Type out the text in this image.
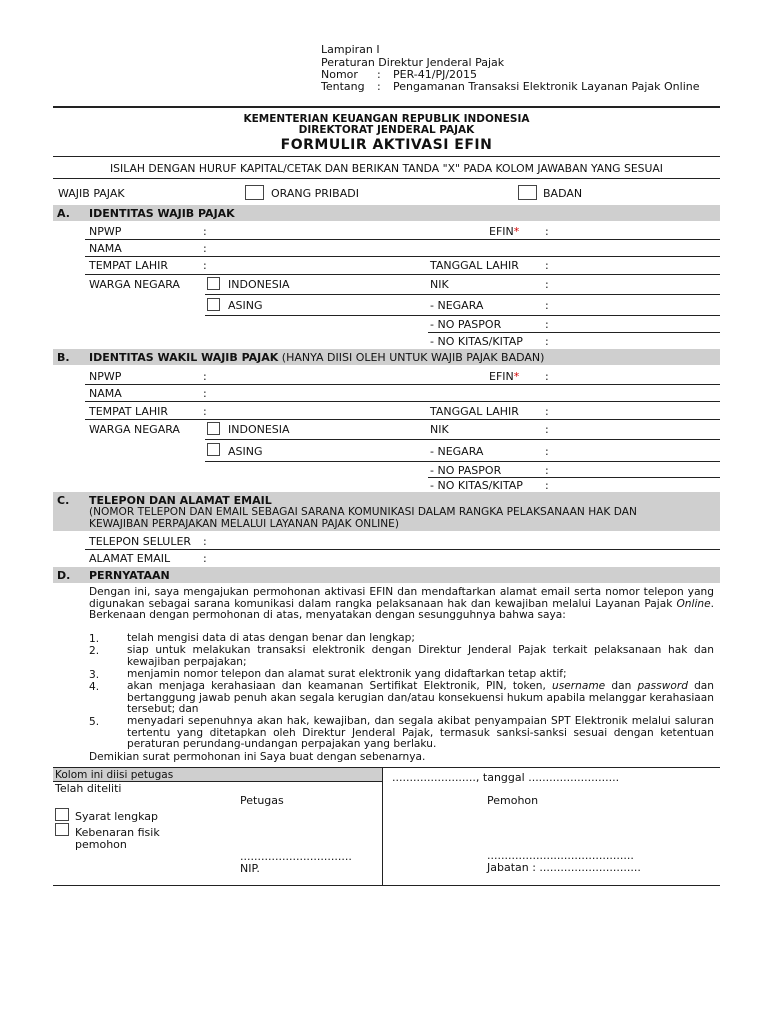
Lampiran I
Peraturan Direktur Jenderal Pajak
Nomor : PER-41/PJ/2015
Tentang : Pengamanan Transaksi Elektronik Layanan Pajak Online
KEMENTERIAN KEUANGAN REPUBLIK INDONESIA
DIREKTORAT JENDERAL PAJAK
FORMULIR AKTIVASI EFIN
ISILAH DENGAN HURUF KAPITAL/CETAK DAN BERIKAN TANDA "X" PADA KOLOM JAWABAN YANG SESUAI
WAJIB PAJAK	ORANG PRIBADI	BADAN
A. IDENTITAS WAJIB PAJAK
NPWP	:	EFIN* :
NAMA	:
TEMPAT LAHIR	:	TANGGAL LAHIR :
WARGA NEGARA	INDONESIA	NIK	:
ASING	- NEGARA	:
- NO PASPOR	:
- NO KITAS/KITAP :
B. IDENTITAS WAKIL WAJIB PAJAK (HANYA DIISI OLEH UNTUK WAJIB PAJAK BADAN)
NPWP	:	EFIN* :
NAMA	:
TEMPAT LAHIR	:	TANGGAL LAHIR :
WARGA NEGARA	INDONESIA	NIK	:
ASING	- NEGARA	:
- NO PASPOR	:
- NO KITAS/KITAP :
C. TELEPON DAN ALAMAT EMAIL
(NOMOR TELEPON DAN EMAIL SEBAGAI SARANA KOMUNIKASI DALAM RANGKA PELAKSANAAN HAK DAN
KEWAJIBAN PERPAJAKAN MELALUI LAYANAN PAJAK ONLINE)
TELEPON SELULER :
ALAMAT EMAIL	:
D. PERNYATAAN
Dengan ini, saya mengajukan permohonan aktivasi EFIN dan mendaftarkan alamat email serta nomor telepon yang digunakan sebagai sarana komunikasi dalam rangka pelaksanaan hak dan kewajiban melalui Layanan Pajak Online. Berkenaan dengan permohonan di atas, menyatakan dengan sesungguhnya bahwa saya:
1.	telah mengisi data di atas dengan benar dan lengkap;
2.	siap untuk melakukan transaksi elektronik dengan Direktur Jenderal Pajak terkait pelaksanaan hak dan kewajiban perpajakan;
3.	menjamin nomor telepon dan alamat surat elektronik yang didaftarkan tetap aktif;
4.	akan menjaga kerahasiaan dan keamanan Sertifikat Elektronik, PIN, token, username dan password dan bertanggung jawab penuh akan segala kerugian dan/atau konsekuensi hukum apabila melanggar kerahasiaan tersebut; dan
5.	menyadari sepenuhnya akan hak, kewajiban, dan segala akibat penyampaian SPT Elektronik melalui saluran tertentu yang ditetapkan oleh Direktur Jenderal Pajak, termasuk sanksi-sanksi sesuai dengan ketentuan peraturan perundang-undangan perpajakan yang berlaku.
Demikian surat permohonan ini Saya buat dengan sebenarnya.
Kolom ini diisi petugas
Telah diteliti
Petugas
Syarat lengkap
Kebenaran fisik
pemohon
................................
NIP.
........................, tanggal ..........................
Pemohon
..........................................
Jabatan : .............................
